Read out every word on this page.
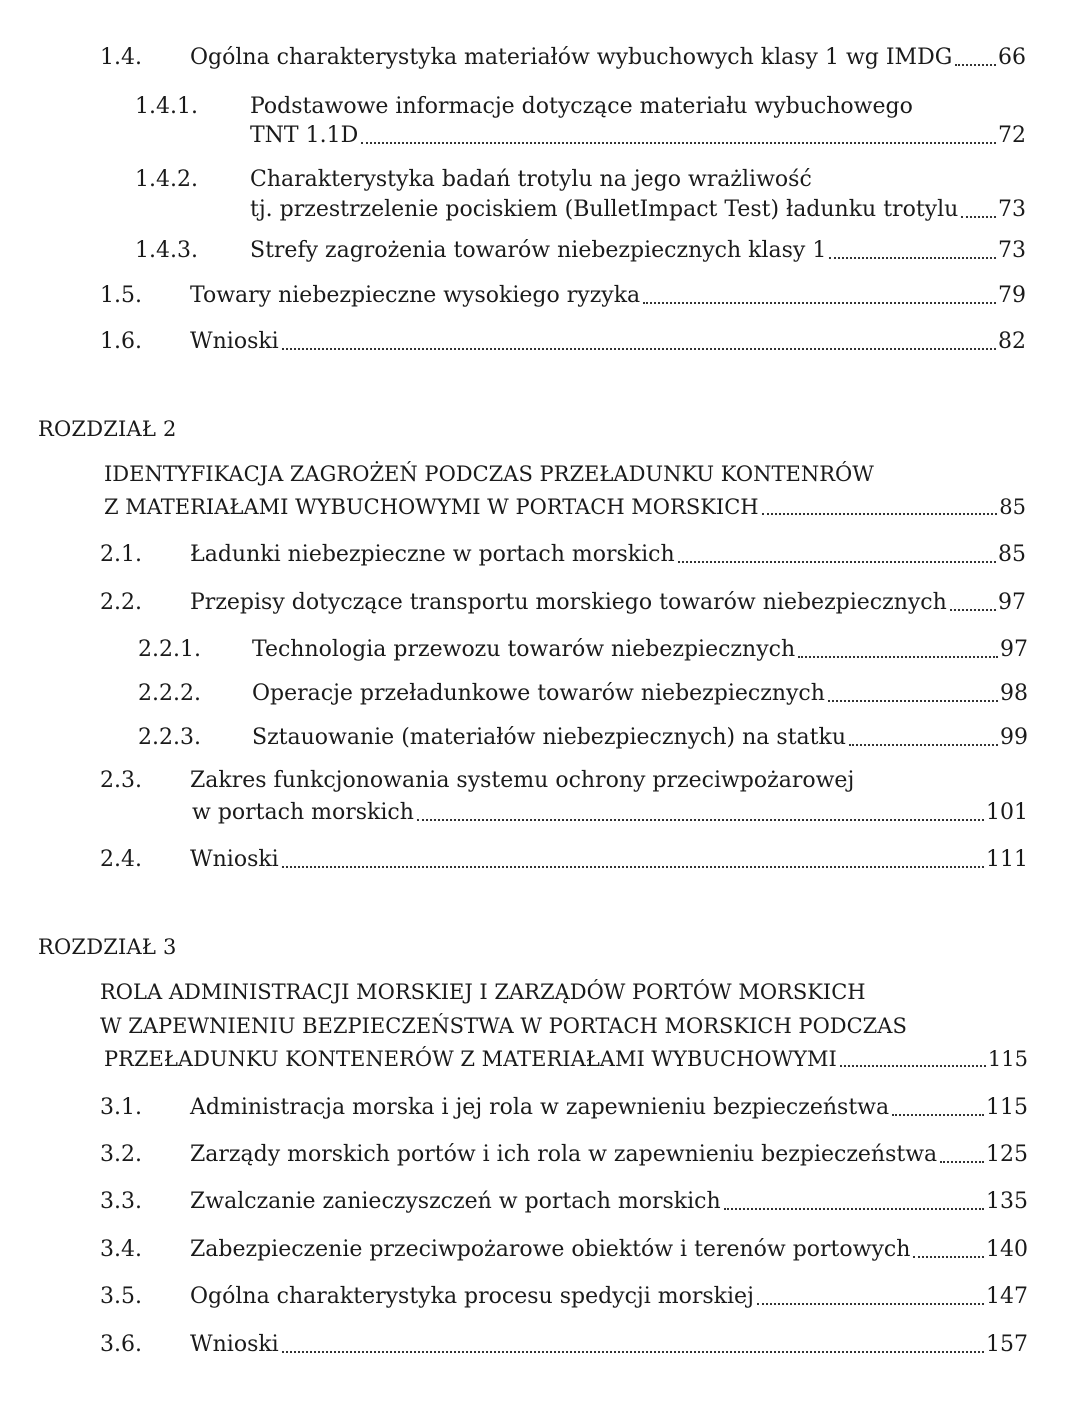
1.4. Ogólna charakterystyka materiałów wybuchowych klasy 1 wg IMDG 66
1.4.1. Podstawowe informacje dotyczące materiału wybuchowego
TNT 1.1D	72
1.4.2. Charakterystyka badań trotylu na jego wrażliwość
tj. przestrzelenie pociskiem (BulletImpact Test) ładunku trotylu 73
1.4.3. Strefy zagrożenia towarów niebezpiecznych klasy 1	73
1.5. Towary niebezpieczne wysokiego ryzyka	79
1.6. Wnioski	82
ROZDZIAŁ 2
IDENTYFIKACJA ZAGROŻEŃ PODCZAS PRZEŁADUNKU KONTENRÓW
Z MATERIAŁAMI WYBUCHOWYMI W PORTACH MORSKICH	85
2.1. Ładunki niebezpieczne w portach morskich	85
2.2. Przepisy dotyczące transportu morskiego towarów niebezpiecznych 97
2.2.1. Technologia przewozu towarów niebezpiecznych	97
2.2.2. Operacje przeładunkowe towarów niebezpiecznych	98
2.2.3. Sztauowanie (materiałów niebezpiecznych) na statku	99
2.3. Zakres funkcjonowania systemu ochrony przeciwpożarowej
w portach morskich	101
2.4. Wnioski	111
ROZDZIAŁ 3
ROLA ADMINISTRACJI MORSKIEJ I ZARZĄDÓW PORTÓW MORSKICH
W ZAPEWNIENIU BEZPIECZEŃSTWA W PORTACH MORSKICH PODCZAS
PRZEŁADUNKU KONTENERÓW Z MATERIAŁAMI WYBUCHOWYMI	115
3.1. Administracja morska i jej rola w zapewnieniu bezpieczeństwa	115
3.2. Zarządy morskich portów i ich rola w zapewnieniu bezpieczeństwa 125
3.3. Zwalczanie zanieczyszczeń w portach morskich	135
3.4. Zabezpieczenie przeciwpożarowe obiektów i terenów portowych	140
3.5. Ogólna charakterystyka procesu spedycji morskiej	147
3.6. Wnioski	157
